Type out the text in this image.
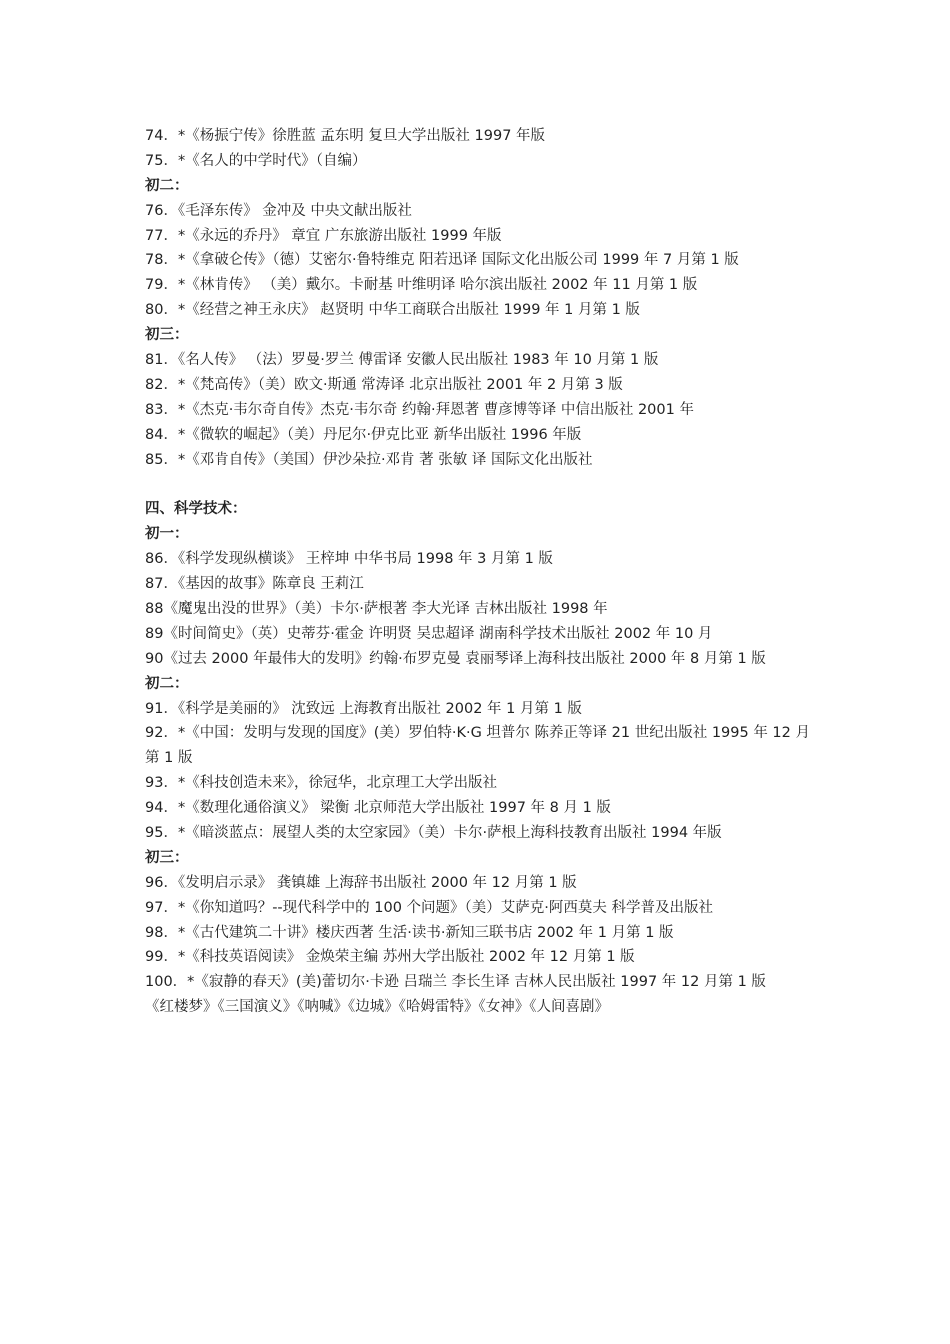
74．*《杨振宁传》徐胜蓝 孟东明 复旦大学出版社 1997 年版
75．*《名人的中学时代》（自编）
初二：
76．《毛泽东传》 金冲及 中央文献出版社
77．*《永远的乔丹》 章宜 广东旅游出版社 1999 年版
78．*《拿破仑传》（德）艾密尔·鲁特维克 阳若迅译 国际文化出版公司 1999 年 7 月第 1 版
79．*《林肯传》 （美）戴尔。卡耐基 叶维明译 哈尔滨出版社 2002 年 11 月第 1 版
80．*《经营之神王永庆》 赵贤明 中华工商联合出版社 1999 年 1 月第 1 版
初三：
81．《名人传》 （法）罗曼·罗兰 傅雷译 安徽人民出版社 1983 年 10 月第 1 版
82．*《梵高传》（美）欧文·斯通 常涛译 北京出版社 2001 年 2 月第 3 版
83．*《杰克·韦尔奇自传》杰克·韦尔奇 约翰·拜恩著 曹彦博等译 中信出版社 2001 年
84．*《微软的崛起》（美）丹尼尔·伊克比亚 新华出版社 1996 年版
85．*《邓肯自传》（美国）伊沙朵拉·邓肯 著 张敏 译 国际文化出版社
四、科学技术：
初一：
86．《科学发现纵横谈》 王梓坤 中华书局 1998 年 3 月第 1 版
87．《基因的故事》陈章良 王莉江
88《魔鬼出没的世界》（美）卡尔·萨根著 李大光译 吉林出版社 1998 年
89《时间简史》（英）史蒂芬·霍金 许明贤 吴忠超译 湖南科学技术出版社 2002 年 10 月
90《过去 2000 年最伟大的发明》约翰·布罗克曼 袁丽琴译上海科技出版社 2000 年 8 月第 1 版
初二：
91．《科学是美丽的》 沈致远 上海教育出版社 2002 年 1 月第 1 版
92．*《中国：发明与发现的国度》(美）罗伯特·K·G 坦普尔 陈养正等译 21 世纪出版社 1995 年 12 月第 1 版
93．*《科技创造未来》，徐冠华，北京理工大学出版社
94．*《数理化通俗演义》 梁衡 北京师范大学出版社 1997 年 8 月 1 版
95．*《暗淡蓝点：展望人类的太空家园》（美）卡尔·萨根上海科技教育出版社 1994 年版
初三：
96．《发明启示录》 龚镇雄 上海辞书出版社 2000 年 12 月第 1 版
97．*《你知道吗？--现代科学中的 100 个问题》（美）艾萨克·阿西莫夫 科学普及出版社
98．*《古代建筑二十讲》楼庆西著 生活·读书·新知三联书店 2002 年 1 月第 1 版
99．*《科技英语阅读》 金焕荣主编 苏州大学出版社 2002 年 12 月第 1 版
100．*《寂静的春天》(美)蕾切尔·卡逊 吕瑞兰 李长生译 吉林人民出版社 1997 年 12 月第 1 版
《红楼梦》《三国演义》《呐喊》《边城》《哈姆雷特》《女神》《人间喜剧》
